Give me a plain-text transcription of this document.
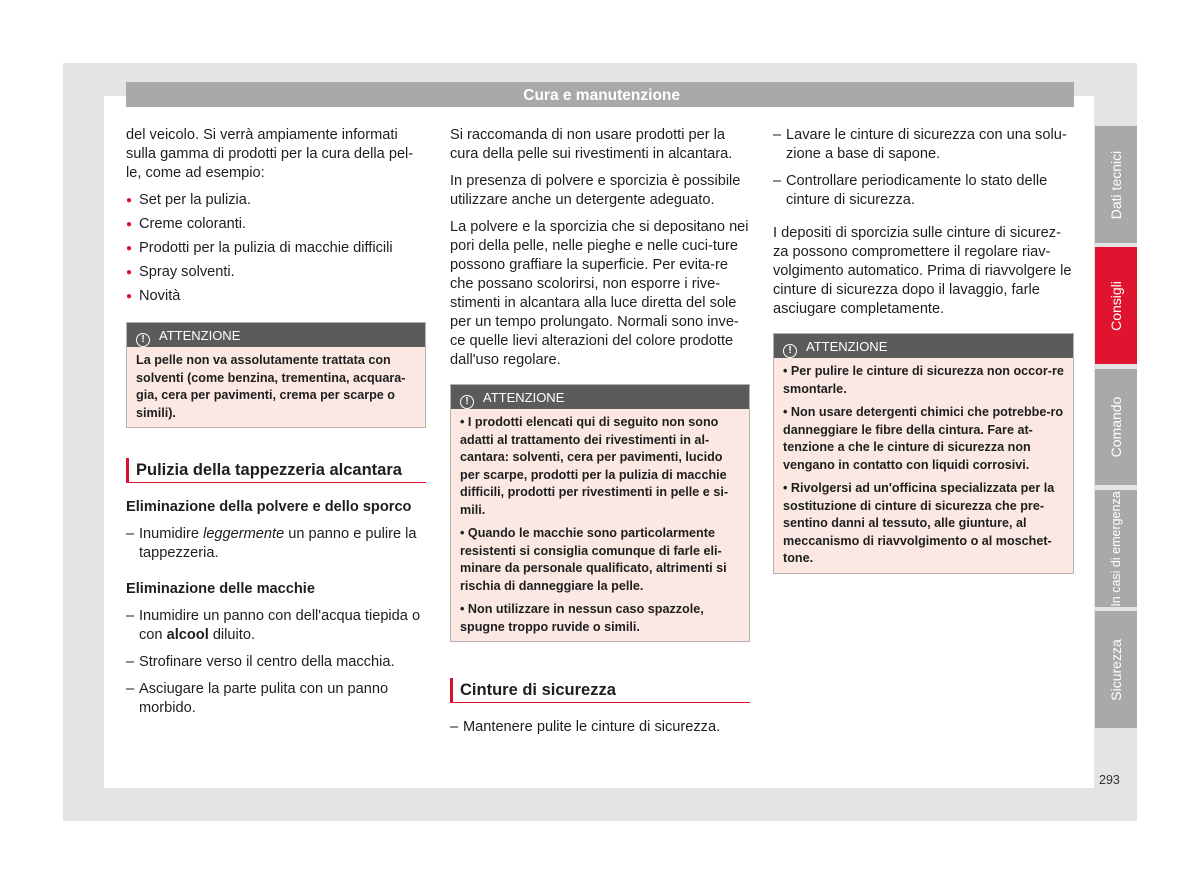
Cura e manutenzione

del veicolo. Si verrà ampiamente informati sulla gamma di prodotti per la cura della pel-le, come ad esempio:

● Set per la pulizia.
● Creme coloranti.
● Prodotti per la pulizia di macchie difficili
● Spray solventi.
● Novità
! ATTENZIONE

La pelle non va assolutamente trattata con solventi (come benzina, trementina, acquara-gia, cera per pavimenti, crema per scarpe o simili).

Pulizia della tappezzeria alcantara

Eliminazione della polvere e dello sporco

– Inumidire leggermente un panno e pulire la tappezzeria.

Eliminazione delle macchie

– Inumidire un panno con dell'acqua tiepida o con alcool diluito.
– Strofinare verso il centro della macchia.
– Asciugare la parte pulita con un panno morbido.

Si raccomanda di non usare prodotti per la cura della pelle sui rivestimenti in alcantara.

In presenza di polvere e sporcizia è possibile utilizzare anche un detergente adeguato.

La polvere e la sporcizia che si depositano nei pori della pelle, nelle pieghe e nelle cuci-ture possono graffiare la superficie. Per evita-re che possano scolorirsi, non esporre i rive-stimenti in alcantara alla luce diretta del sole per un tempo prolungato. Normali sono inve-ce quelle lievi alterazioni del colore prodotte dall'uso regolare.

! ATTENZIONE

• I prodotti elencati qui di seguito non sono adatti al trattamento dei rivestimenti in al-cantara: solventi, cera per pavimenti, lucido per scarpe, prodotti per la pulizia di macchie difficili, prodotti per rivestimenti in pelle e si-mili.

• Quando le macchie sono particolarmente resistenti si consiglia comunque di farle eli-minare da personale qualificato, altrimenti si rischia di danneggiare la pelle.

• Non utilizzare in nessun caso spazzole, spugne troppo ruvide o simili.

Cinture di sicurezza
– Mantenere pulite le cinture di sicurezza.
– Lavare le cinture di sicurezza con una solu-zione a base di sapone.
– Controllare periodicamente lo stato delle cinture di sicurezza.

I depositi di sporcizia sulle cinture di sicurez-za possono compromettere il regolare riav-volgimento automatico. Prima di riavvolgere le cinture di sicurezza dopo il lavaggio, farle asciugare completamente.

! ATTENZIONE

• Per pulire le cinture di sicurezza non occor-re smontarle.

• Non usare detergenti chimici che potrebbe-ro danneggiare le fibre della cintura. Fare at-tenzione a che le cinture di sicurezza non vengano in contatto con liquidi corrosivi.

• Rivolgersi ad un'officina specializzata per la sostituzione di cinture di sicurezza che pre-sentino danni al tessuto, alle giunture, al meccanismo di riavvolgimento o al moschet-tone.

Dati tecnici
Consigli
Comando
In casi di emergenza
Sicurezza
293
